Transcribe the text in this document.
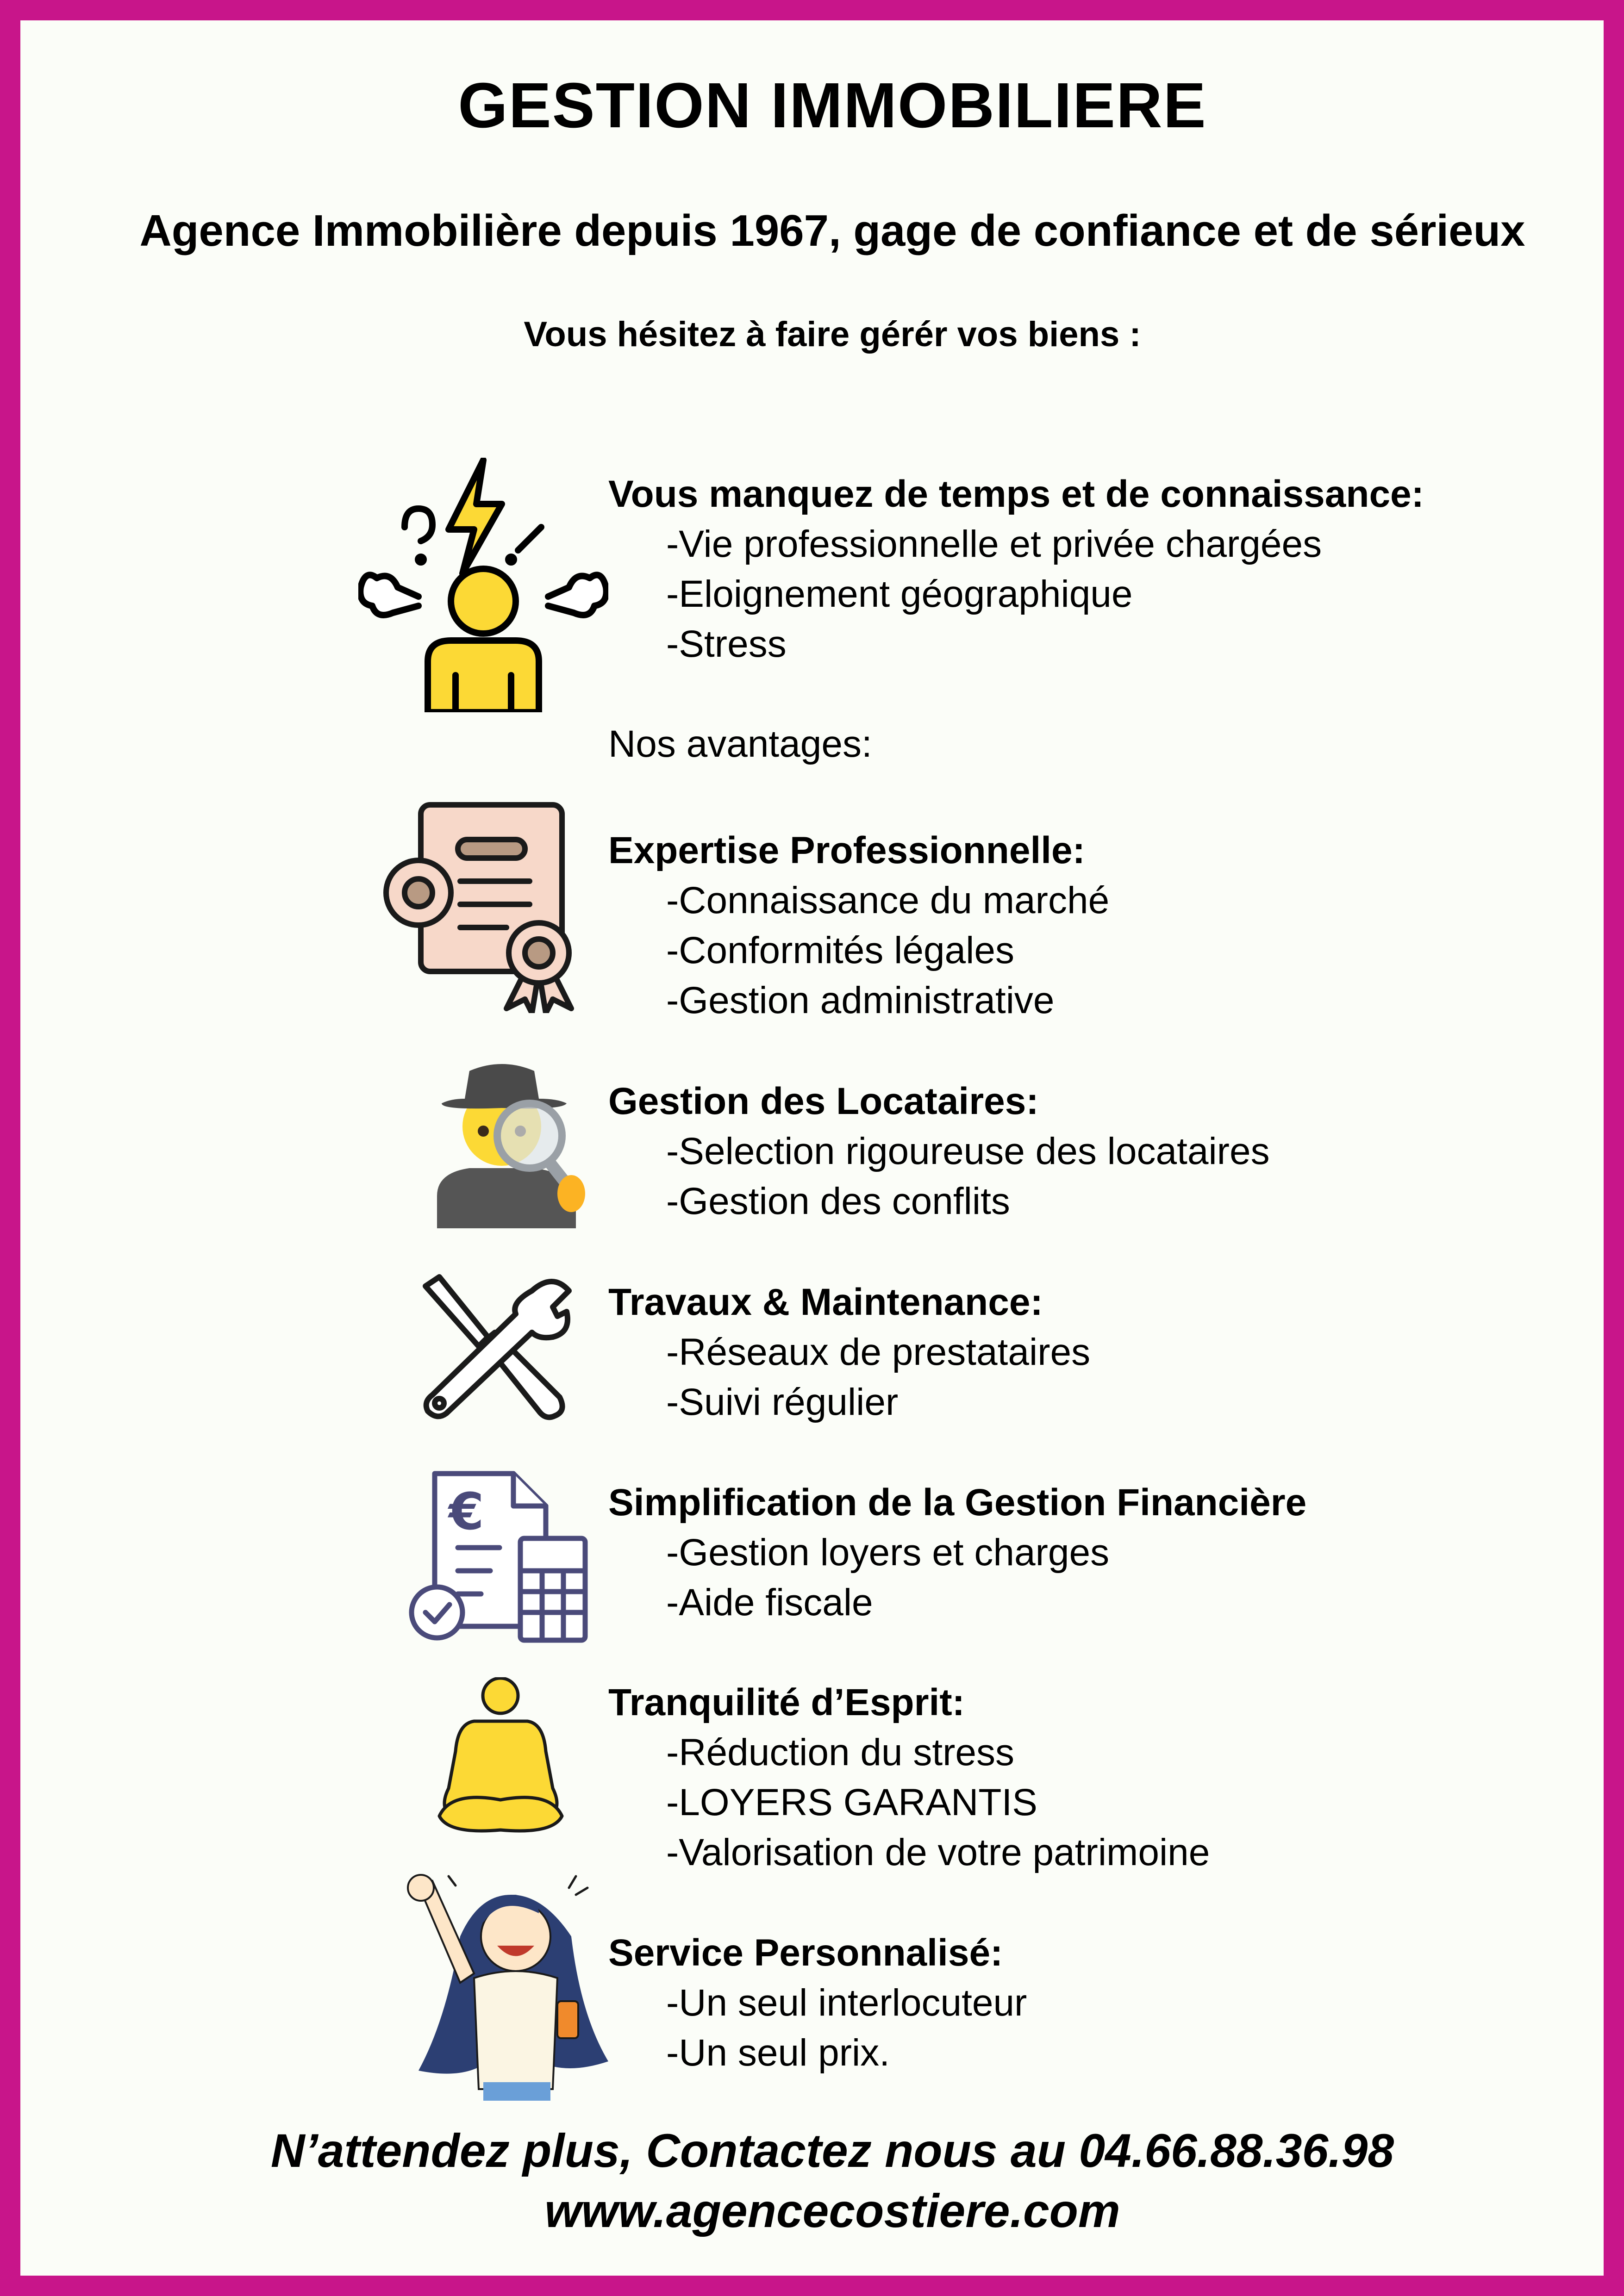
GESTION IMMOBILIERE
Agence Immobilière depuis 1967, gage de confiance et de sérieux
Vous hésitez à faire gérér vos biens :
Vous manquez de temps et de connaissance:
-Vie professionnelle et privée chargées
-Eloignement géographique
-Stress
Nos avantages:
€
Expertise Professionnelle:
-Connaissance du marché
-Conformités légales
-Gestion administrative
Gestion des Locataires:
-Selection rigoureuse des locataires
-Gestion des conflits
Travaux & Maintenance:
-Réseaux de prestataires
-Suivi régulier
Simplification de la Gestion Financière
-Gestion loyers et charges
-Aide fiscale
Tranquilité d’Esprit:
-Réduction du stress
-LOYERS GARANTIS
-Valorisation de votre patrimoine
Service Personnalisé:
-Un seul interlocuteur
-Un seul prix.
N’attendez plus, Contactez nous au 04.66.88.36.98
www.agencecostiere.com
